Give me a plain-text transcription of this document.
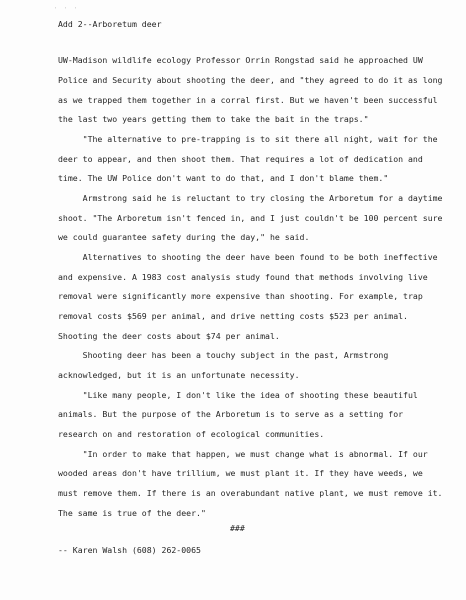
' ' '
Add 2--Arboretum deer
UW-Madison wildlife ecology Professor Orrin Rongstad said he approached UW
Police and Security about shooting the deer, and "they agreed to do it as long
as we trapped them together in a corral first. But we haven't been successful
the last two years getting them to take the bait in the traps."
"The alternative to pre-trapping is to sit there all night, wait for the
deer to appear, and then shoot them. That requires a lot of dedication and
time. The UW Police don't want to do that, and I don't blame them."
Armstrong said he is reluctant to try closing the Arboretum for a daytime
shoot. "The Arboretum isn't fenced in, and I just couldn't be 100 percent sure
we could guarantee safety during the day," he said.
Alternatives to shooting the deer have been found to be both ineffective
and expensive. A 1983 cost analysis study found that methods involving live
removal were significantly more expensive than shooting. For example, trap
removal costs $569 per animal, and drive netting costs $523 per animal.
Shooting the deer costs about $74 per animal.
Shooting deer has been a touchy subject in the past, Armstrong
acknowledged, but it is an unfortunate necessity.
"Like many people, I don't like the idea of shooting these beautiful
animals. But the purpose of the Arboretum is to serve as a setting for
research on and restoration of ecological communities.
"In order to make that happen, we must change what is abnormal. If our
wooded areas don't have trillium, we must plant it. If they have weeds, we
must remove them. If there is an overabundant native plant, we must remove it.
The same is true of the deer."
###
-- Karen Walsh (608) 262-0065
